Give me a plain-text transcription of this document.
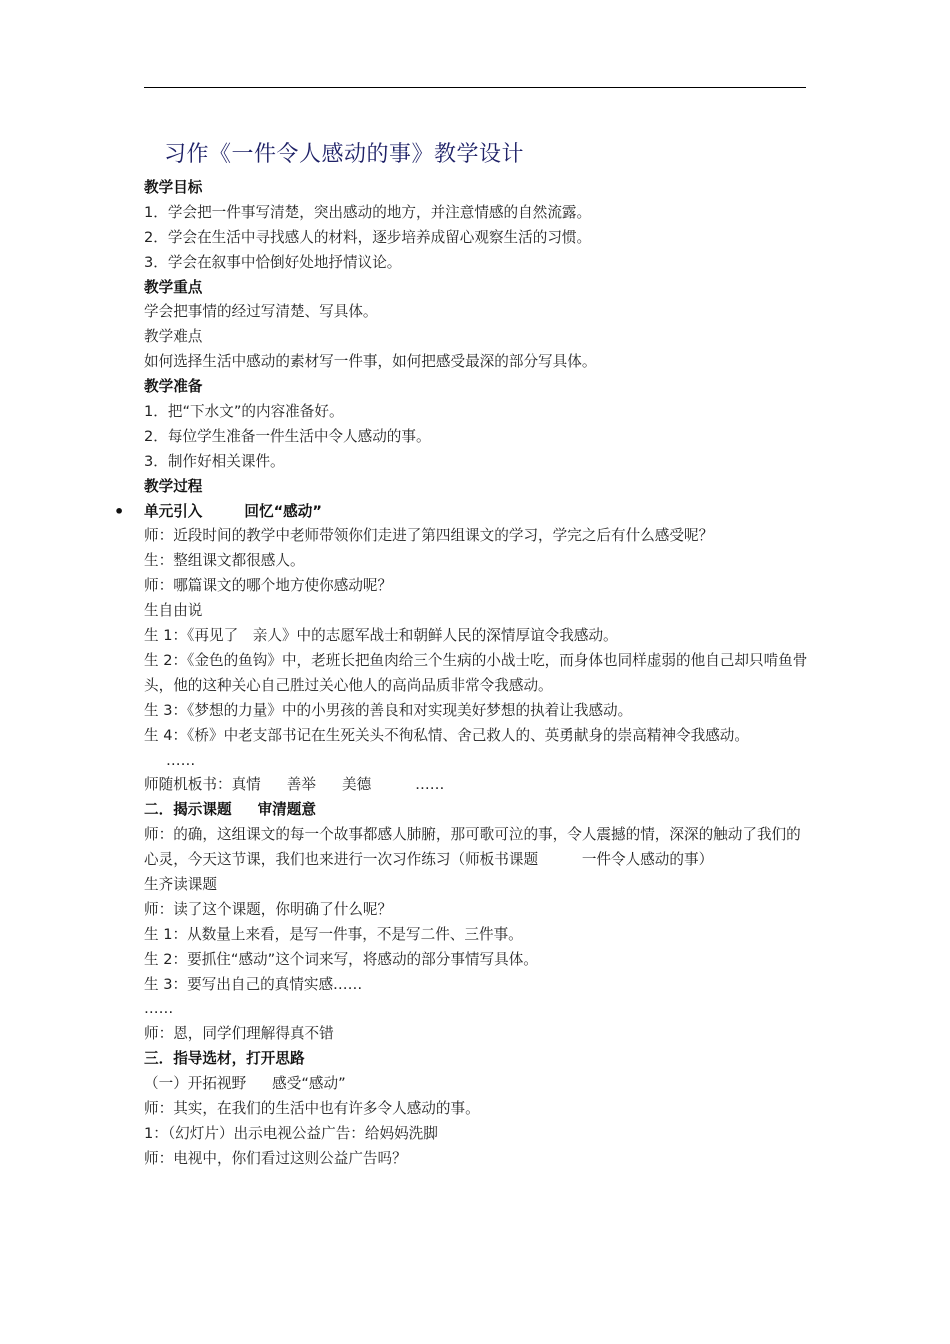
习作《一件令人感动的事》教学设计
教学目标
1．学会把一件事写清楚，突出感动的地方，并注意情感的自然流露。
2．学会在生活中寻找感人的材料，逐步培养成留心观察生活的习惯。
3．学会在叙事中恰倒好处地抒情议论。
教学重点
学会把事情的经过写清楚、写具体。
教学难点
如何选择生活中感动的素材写一件事，如何把感受最深的部分写具体。
教学准备
1．把“下水文”的内容准备好。
2．每位学生准备一件生活中令人感动的事。
3．制作好相关课件。
教学过程
• 单元引入	回忆“感动”
师：近段时间的教学中老师带领你们走进了第四组课文的学习，学完之后有什么感受呢？
生：整组课文都很感人。
师：哪篇课文的哪个地方使你感动呢？
生自由说
生 1：《再见了　亲人》中的志愿军战士和朝鲜人民的深情厚谊令我感动。
生 2：《金色的鱼钩》中，老班长把鱼肉给三个生病的小战士吃，而身体也同样虚弱的他自己却只啃鱼骨头，他的这种关心自己胜过关心他人的高尚品质非常令我感动。
生 3：《梦想的力量》中的小男孩的善良和对实现美好梦想的执着让我感动。
生 4：《桥》中老支部书记在生死关头不徇私情、舍己救人的、英勇献身的崇高精神令我感动。
……
师随机板书：真情 善举 美德	……
二．揭示课题 审清题意
师：的确，这组课文的每一个故事都感人肺腑，那可歌可泣的事，令人震撼的情，深深的触动了我们的心灵，今天这节课，我们也来进行一次习作练习（师板书课题　　　一件令人感动的事）
生齐读课题
师：读了这个课题，你明确了什么呢？
生 1：从数量上来看，是写一件事，不是写二件、三件事。
生 2：要抓住“感动”这个词来写，将感动的部分事情写具体。
生 3：要写出自己的真情实感……
……
师：恩，同学们理解得真不错
三．指导选材，打开思路
（一）开拓视野 感受“感动”
师：其实，在我们的生活中也有许多令人感动的事。
1：（幻灯片）出示电视公益广告：给妈妈洗脚
师：电视中，你们看过这则公益广告吗？
